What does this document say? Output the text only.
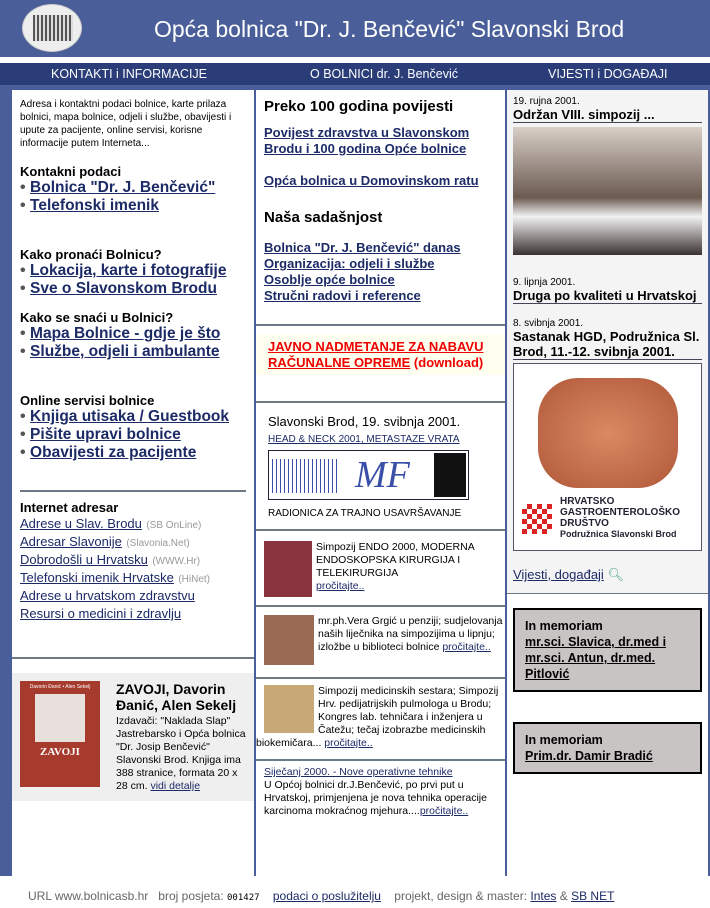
Opća bolnica "Dr. J. Benčević" Slavonski Brod
KONTAKTI i INFORMACIJE	O BOLNICI dr. J. Benčević	VIJESTI i DOGAĐAJI
Adresa i kontaktni podaci bolnice, karte prilaza bolnici, mapa bolnice, odjeli i službe, obavijesti i upute za pacijente, online servisi, korisne informacije putem Interneta...
Kontakni podaci
• Bolnica "Dr. J. Benčević"
• Telefonski imenik
Kako pronaći Bolnicu?
• Lokacija, karte i fotografije
• Sve o Slavonskom Brodu
Kako se snaći u Bolnici?
• Mapa Bolnice - gdje je što
• Službe, odjeli i ambulante
Online servisi bolnice
• Knjiga utisaka / Guestbook
• Pišite upravi bolnice
• Obavijesti za pacijente
Internet adresar
Adrese u Slav. Brodu (SB OnLine)
Adresar Slavonije (Slavonia.Net)
Dobrodošli u Hrvatsku (WWW.Hr)
Telefonski imenik Hrvatske (HiNet)
Adrese u hrvatskom zdravstvu
Resursi o medicini i zdravlju
Davorin Đanić • Alen Sekelj
ZAVOJI
ZAVOJI, Davorin Đanić, Alen Sekelj
Izdavači: "Naklada Slap" Jastrebarsko i Opća bolnica "Dr. Josip Benčević" Slavonski Brod. Knjiga ima 388 stranice, formata 20 x 28 cm. vidi detalje
Preko 100 godina povijesti
Povijest zdravstva u Slavonskom Brodu i 100 godina Opće bolnice
Opća bolnica u Domovinskom ratu
Naša sadašnjost
Bolnica "Dr. J. Benčević" danas
Organizacija: odjeli i službe
Osoblje opće bolnice
Stručni radovi i reference
JAVNO NADMETANJE ZA NABAVU RAČUNALNE OPREME (download)
Slavonski Brod, 19. svibnja 2001.
HEAD & NECK 2001, METASTAZE VRATA
MF
RADIONICA ZA TRAJNO USAVRŠAVANJE
Simpozij ENDO 2000, MODERNA ENDOSKOPSKA KIRURGIJA I TELEKIRURGIJA
pročitajte..
mr.ph.Vera Grgić u penziji; sudjelovanja naših liječnika na simpozijima u lipnju; izložbe u biblioteci bolnice pročitajte..
Simpozij medicinskih sestara; Simpozij Hrv. pedijatrijskih pulmologa u Brodu; Kongres lab. tehničara i inženjera u Čatežu; tečaj izobrazbe medicinskih biokemičara... pročitajte..
Siječanj 2000. - Nove operativne tehnike
U Općoj bolnici dr.J.Benčević, po prvi put u Hrvatskoj, primjenjena je nova tehnika operacije karcinoma mokraćnog mjehura....pročitajte..
19. rujna 2001.
Održan VIII. simpozij ...
9. lipnja 2001.
Druga po kvaliteti u Hrvatskoj
8. svibnja 2001.
Sastanak HGD, Podružnica Sl. Brod, 11.-12. svibnja 2001.
HRVATSKO
GASTROENTEROLOŠKO
DRUŠTVO
Podružnica Slavonski Brod
Vijesti, događaji 🔍︎
In memoriam
mr.sci. Slavica, dr.med i mr.sci. Antun, dr.med. Pitlović
In memoriam
Prim.dr. Damir Bradić
URL www.bolnicasb.hr broj posjeta: 001427 podaci o poslužitelju projekt, design & master: Intes & SB NET
